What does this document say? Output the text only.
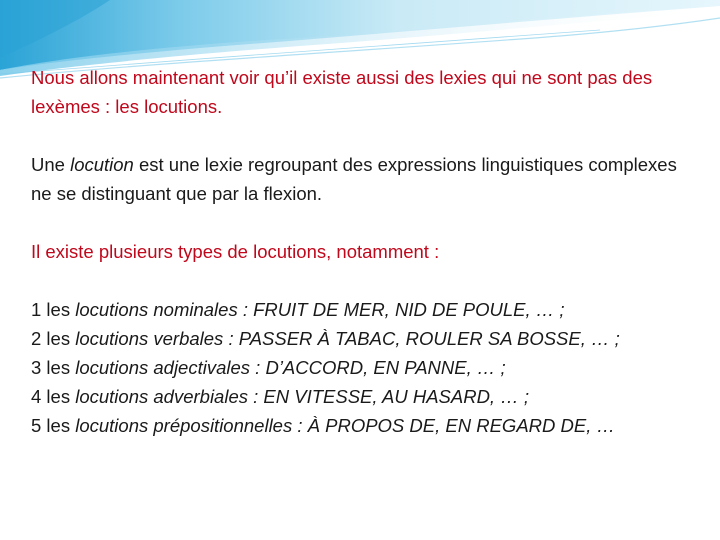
Nous allons maintenant voir qu’il existe aussi des lexies qui ne sont pas des lexèmes : les locutions.

Une locution est une lexie regroupant des expressions linguistiques complexes ne se distinguant que par la flexion.

Il existe plusieurs types de locutions, notamment :

1 les locutions nominales : FRUIT DE MER, NID DE POULE, … ;
2 les locutions verbales : PASSER À TABAC, ROULER SA BOSSE, … ;
3 les locutions adjectivales : D’ACCORD, EN PANNE, … ;
4 les locutions adverbiales : EN VITESSE, AU HASARD, … ;
5 les locutions prépositionnelles : À PROPOS DE, EN REGARD DE, …
